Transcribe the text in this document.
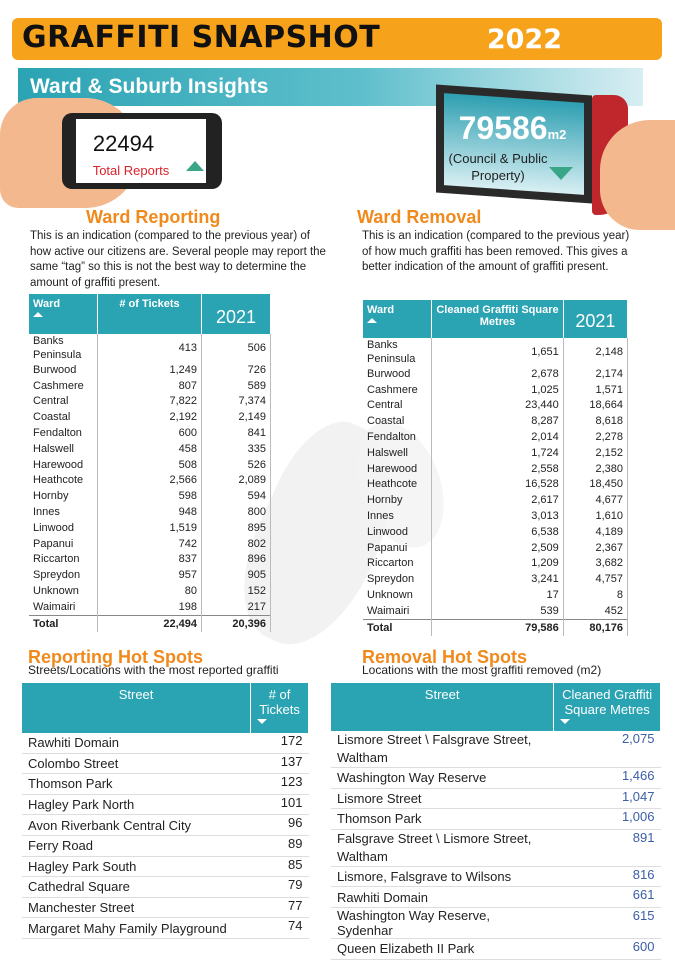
GRAFFITI SNAPSHOT	2022
Ward & Suburb Insights
22494
Total Reports
79586m2
(Council & Public Property)
Ward Reporting
This is an indication (compared to the previous year) of how active our citizens are. Several people may report the same “tag” so this is not the best way to determine the amount of graffiti present.
Ward	# of Tickets	2021
Banks Peninsula	413	506
Burwood	1,249	726
Cashmere	807	589
Central	7,822	7,374
Coastal	2,192	2,149
Fendalton	600	841
Halswell	458	335
Harewood	508	526
Heathcote	2,566	2,089
Hornby	598	594
Innes	948	800
Linwood	1,519	895
Papanui	742	802
Riccarton	837	896
Spreydon	957	905
Unknown	80	152
Waimairi	198	217
Total	22,494	20,396
Ward Removal
This is an indication (compared to the previous year) of how much graffiti has been removed. This gives a better indication of the amount of graffiti present.
Ward	Cleaned Graffiti Square Metres	2021
Banks Peninsula	1,651	2,148
Burwood	2,678	2,174
Cashmere	1,025	1,571
Central	23,440	18,664
Coastal	8,287	8,618
Fendalton	2,014	2,278
Halswell	1,724	2,152
Harewood	2,558	2,380
Heathcote	16,528	18,450
Hornby	2,617	4,677
Innes	3,013	1,610
Linwood	6,538	4,189
Papanui	2,509	2,367
Riccarton	1,209	3,682
Spreydon	3,241	4,757
Unknown	17	8
Waimairi	539	452
Total	79,586	80,176
Reporting Hot Spots
Streets/Locations with the most reported graffiti
Street	# of Tickets

Rawhiti Domain	172
Colombo Street	137
Thomson Park	123
Hagley Park North	101
Avon Riverbank Central City	96
Ferry Road	89
Hagley Park South	85
Cathedral Square	79
Manchester Street	77
Margaret Mahy Family Playground	74
Removal Hot Spots
Locations with the most graffiti removed (m2)
Street	Cleaned Graffiti Square Metres

Lismore Street \ Falsgrave Street, Waltham	2,075
Washington Way Reserve	1,466
Lismore Street	1,047
Thomson Park	1,006
Falsgrave Street \ Lismore Street, Waltham	891
Lismore, Falsgrave to Wilsons	816
Rawhiti Domain	661
Washington Way Reserve, Sydenhar	615
Queen Elizabeth II Park	600
